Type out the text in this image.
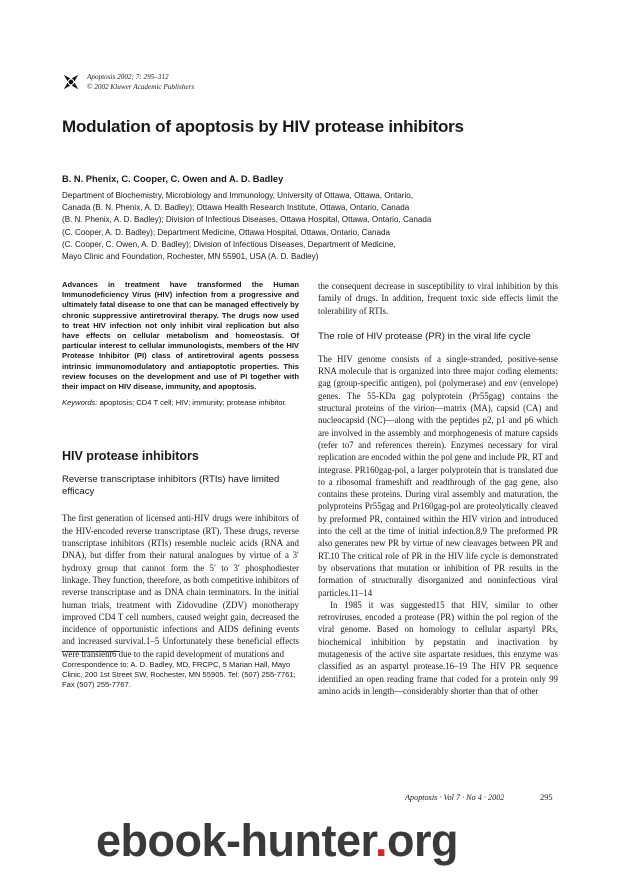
Apoptosis 2002; 7: 295–312
© 2002 Kluwer Academic Publishers
Modulation of apoptosis by HIV protease inhibitors
B. N. Phenix, C. Cooper, C. Owen and A. D. Badley
Department of Biochemistry, Microbiology and Immunology, University of Ottawa, Ottawa, Ontario,
Canada (B. N. Phenix, A. D. Badley); Ottawa Health Research Institute, Ottawa, Ontario, Canada
(B. N. Phenix, A. D. Badley); Division of Infectious Diseases, Ottawa Hospital, Ottawa, Ontario, Canada
(C. Cooper, A. D. Badley); Department Medicine, Ottawa Hospital, Ottawa, Ontario, Canada
(C. Cooper, C. Owen, A. D. Badley); Division of Infectious Diseases, Department of Medicine,
Mayo Clinic and Foundation, Rochester, MN 55901, USA (A. D. Badley)

Advances in treatment have transformed the Human Immunodeficiency Virus (HIV) infection from a progressive and ultimately fatal disease to one that can be managed effectively by chronic suppressive antiretroviral therapy. The drugs now used to treat HIV infection not only inhibit viral replication but also have effects on cellular metabolism and homeostasis. Of particular interest to cellular immunologists, members of the HIV Protease Inhibitor (PI) class of antiretroviral agents possess intrinsic immunomodulatory and antiapoptotic properties. This review focuses on the development and use of PI together with their impact on HIV disease, immunity, and apoptosis.

Keywords: apoptosis; CD4 T cell; HIV; immunity; protease inhibitor.

HIV protease inhibitors
Reverse transcriptase inhibitors (RTIs) have limited efficacy

The first generation of licensed anti-HIV drugs were inhibitors of the HIV-encoded reverse transcriptase (RT). These drugs, reverse transcriptase inhibitors (RTIs) resemble nucleic acids (RNA and DNA), but differ from their natural analogues by virtue of a 3′ hydroxy group that cannot form the 5′ to 3′ phosphodiester linkage. They function, therefore, as both competitive inhibitors of reverse transcriptase and as DNA chain terminators. In the initial human trials, treatment with Zidovudine (ZDV) monotherapy improved CD4 T cell numbers, caused weight gain, decreased the incidence of opportunistic infections and AIDS defining events and increased survival.1–5 Unfortunately these beneficial effects were transient6 due to the rapid development of mutations and

the consequent decrease in susceptibility to viral inhibition by this family of drugs. In addition, frequent toxic side effects limit the tolerability of RTIs.

The role of HIV protease (PR) in the viral life cycle

The HIV genome consists of a single-stranded, positive-sense RNA molecule that is organized into three major coding elements: gag (group-specific antigen), pol (polymerase) and env (envelope) genes. The 55-KDa gag polyprotein (Pr55gag) contains the structural proteins of the virion—matrix (MA), capsid (CA) and nucleocapsid (NC)—along with the peptides p2, p1 and p6 which are involved in the assembly and morphogenesis of mature capsids (refer to7 and references therein). Enzymes necessary for viral replication are encoded within the pol gene and include PR, RT and integrase. PR160gag-pol, a larger polyprotein that is translated due to a ribosomal frameshift and readthrough of the gag gene, also contains these proteins. During viral assembly and maturation, the polyproteins Pr55gag and Pr160gag-pol are proteolytically cleaved by preformed PR, contained within the HIV virion and introduced into the cell at the time of initial infection.8,9 The preformed PR also generates new PR by virtue of new cleavages between PR and RT.10 The critical role of PR in the HIV life cycle is demonstrated by observations that mutation or inhibition of PR results in the formation of structurally disorganized and noninfectious viral particles.11–14

In 1985 it was suggested15 that HIV, similar to other retroviruses, encoded a protease (PR) within the pol region of the viral genome. Based on homology to cellular aspartyl PRs, biochemical inhibition by pepstatin and inactivation by mutagenesis of the active site aspartate residues, this enzyme was classified as an aspartyl protease.16–19 The HIV PR sequence identified an open reading frame that coded for a protein only 99 amino acids in length—considerably shorter than that of other

Correspondence to: A. D. Badley, MD, FRCPC, 5 Marian Hall, Mayo Clinic, 200 1st Street SW, Rochester, MN 55905. Tel: (507) 255-7761; Fax (507) 255-7767.
Apoptosis · Vol 7 · No 4 · 2002	295
ebook-hunter.org
